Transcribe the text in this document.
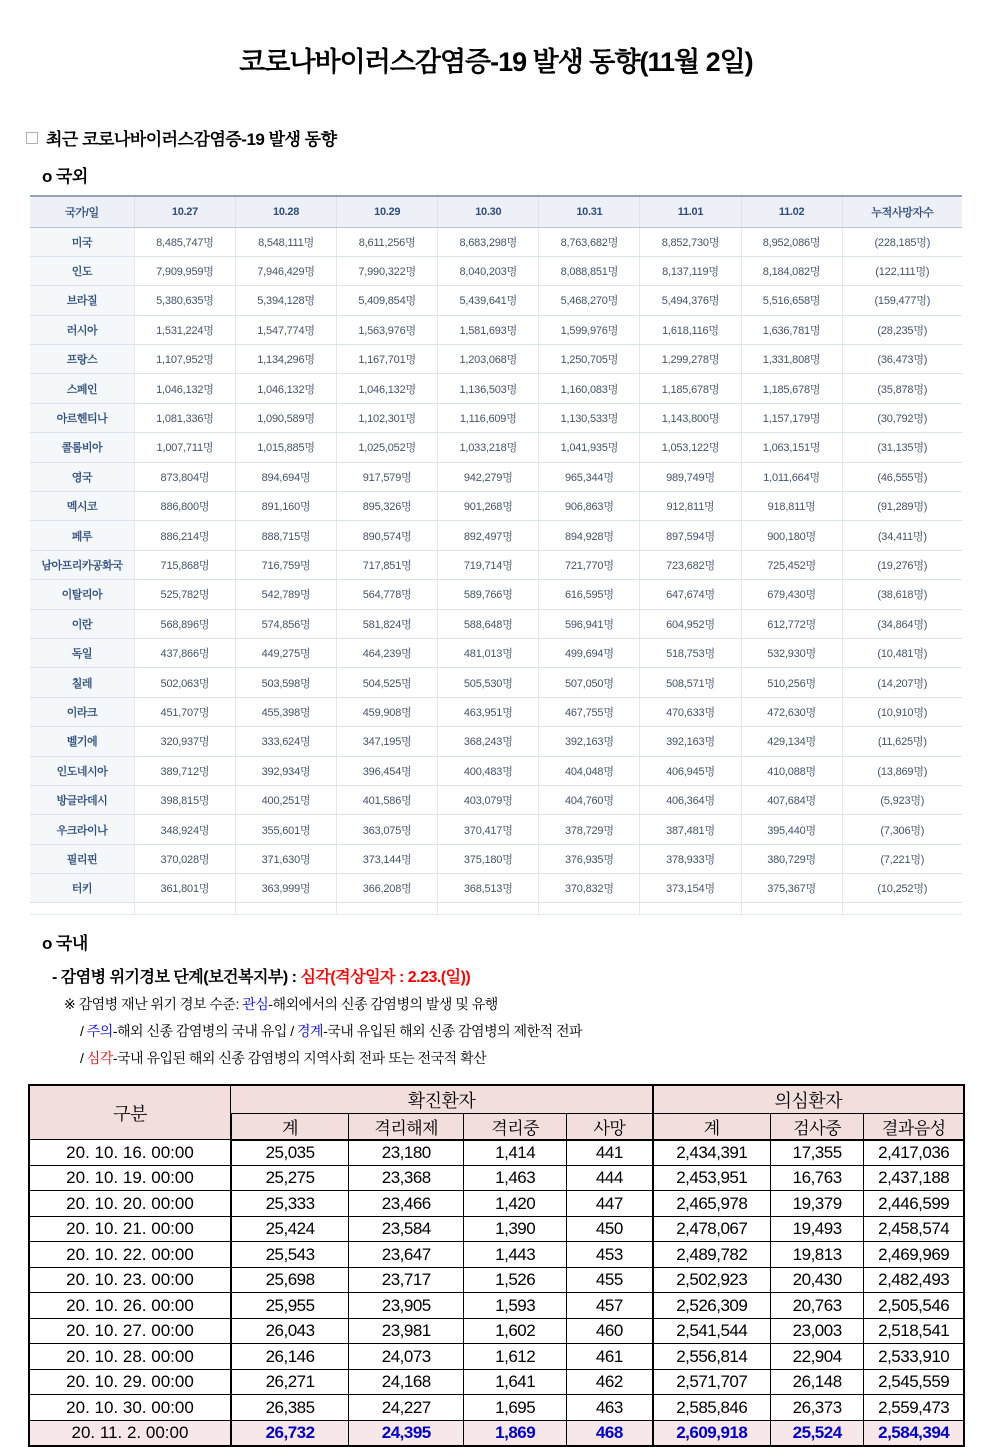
코로나바이러스감염증-19 발생 동향(11월 2일)
최근 코로나바이러스감염증-19 발생 동향
o 국외
국가/일	10.27	10.28	10.29	10.30	10.31	11.01	11.02	누적사망자수
미국	8,485,747명	8,548,111명	8,611,256명	8,683,298명	8,763,682명	8,852,730명	8,952,086명	(228,185명)
인도	7,909,959명	7,946,429명	7,990,322명	8,040,203명	8,088,851명	8,137,119명	8,184,082명	(122,111명)
브라질	5,380,635명	5,394,128명	5,409,854명	5,439,641명	5,468,270명	5,494,376명	5,516,658명	(159,477명)
러시아	1,531,224명	1,547,774명	1,563,976명	1,581,693명	1,599,976명	1,618,116명	1,636,781명	(28,235명)
프랑스	1,107,952명	1,134,296명	1,167,701명	1,203,068명	1,250,705명	1,299,278명	1,331,808명	(36,473명)
스페인	1,046,132명	1,046,132명	1,046,132명	1,136,503명	1,160,083명	1,185,678명	1,185,678명	(35,878명)
아르헨티나	1,081,336명	1,090,589명	1,102,301명	1,116,609명	1,130,533명	1,143,800명	1,157,179명	(30,792명)
콜롬비아	1,007,711명	1,015,885명	1,025,052명	1,033,218명	1,041,935명	1,053,122명	1,063,151명	(31,135명)
영국	873,804명	894,694명	917,579명	942,279명	965,344명	989,749명	1,011,664명	(46,555명)
멕시코	886,800명	891,160명	895,326명	901,268명	906,863명	912,811명	918,811명	(91,289명)
페루	886,214명	888,715명	890,574명	892,497명	894,928명	897,594명	900,180명	(34,411명)
남아프리카공화국	715,868명	716,759명	717,851명	719,714명	721,770명	723,682명	725,452명	(19,276명)
이탈리아	525,782명	542,789명	564,778명	589,766명	616,595명	647,674명	679,430명	(38,618명)
이란	568,896명	574,856명	581,824명	588,648명	596,941명	604,952명	612,772명	(34,864명)
독일	437,866명	449,275명	464,239명	481,013명	499,694명	518,753명	532,930명	(10,481명)
칠레	502,063명	503,598명	504,525명	505,530명	507,050명	508,571명	510,256명	(14,207명)
이라크	451,707명	455,398명	459,908명	463,951명	467,755명	470,633명	472,630명	(10,910명)
벨기에	320,937명	333,624명	347,195명	368,243명	392,163명	392,163명	429,134명	(11,625명)
인도네시아	389,712명	392,934명	396,454명	400,483명	404,048명	406,945명	410,088명	(13,869명)
방글라데시	398,815명	400,251명	401,586명	403,079명	404,760명	406,364명	407,684명	(5,923명)
우크라이나	348,924명	355,601명	363,075명	370,417명	378,729명	387,481명	395,440명	(7,306명)
필리핀	370,028명	371,630명	373,144명	375,180명	376,935명	378,933명	380,729명	(7,221명)
터키	361,801명	363,999명	366,208명	368,513명	370,832명	373,154명	375,367명	(10,252명)

o 국내
- 감염병 위기경보 단계(보건복지부) : 심각(격상일자 : 2.23.(일))
※ 감염병 재난 위기 경보 수준: 관심-해외에서의 신종 감염병의 발생 및 유행
/ 주의-해외 신종 감염병의 국내 유입 / 경계-국내 유입된 해외 신종 감염병의 제한적 전파
/ 심각-국내 유입된 해외 신종 감염병의 지역사회 전파 또는 전국적 확산
구분	확진환자				의심환자		
	계	격리해제	격리중	사망	계	검사중	결과음성
20. 10. 16. 00:00	25,035	23,180	1,414	441	2,434,391	17,355	2,417,036
20. 10. 19. 00:00	25,275	23,368	1,463	444	2,453,951	16,763	2,437,188
20. 10. 20. 00:00	25,333	23,466	1,420	447	2,465,978	19,379	2,446,599
20. 10. 21. 00:00	25,424	23,584	1,390	450	2,478,067	19,493	2,458,574
20. 10. 22. 00:00	25,543	23,647	1,443	453	2,489,782	19,813	2,469,969
20. 10. 23. 00:00	25,698	23,717	1,526	455	2,502,923	20,430	2,482,493
20. 10. 26. 00:00	25,955	23,905	1,593	457	2,526,309	20,763	2,505,546
20. 10. 27. 00:00	26,043	23,981	1,602	460	2,541,544	23,003	2,518,541
20. 10. 28. 00:00	26,146	24,073	1,612	461	2,556,814	22,904	2,533,910
20. 10. 29. 00:00	26,271	24,168	1,641	462	2,571,707	26,148	2,545,559
20. 10. 30. 00:00	26,385	24,227	1,695	463	2,585,846	26,373	2,559,473
20. 11. 2. 00:00	26,732	24,395	1,869	468	2,609,918	25,524	2,584,394
